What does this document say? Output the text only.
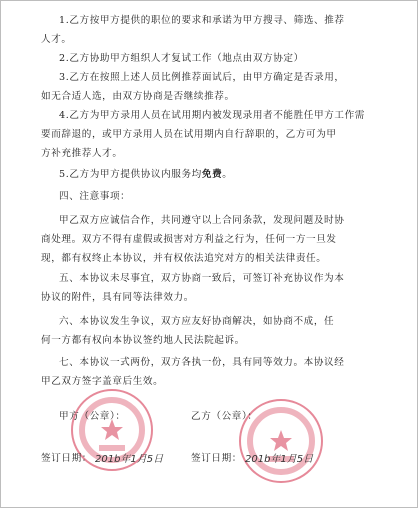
1.乙方按甲方提供的职位的要求和承诺为甲方搜寻、筛选、推荐
人才。
2.乙方协助甲方组织人才复试工作（地点由双方协定）
3.乙方在按照上述人员比例推荐面试后，由甲方确定是否录用，
如无合适人选，由双方协商是否继续推荐。
4.乙方为甲方录用人员在试用期内被发现录用者不能胜任甲方工作需
要而辞退的，或甲方录用人员在试用期内自行辞职的，乙方可为甲
方补充推荐人才。
5.乙方为甲方提供协议内服务均免费。
四、注意事项：
甲乙双方应诚信合作，共同遵守以上合同条款，发现问题及时协
商处理。双方不得有虚假或损害对方利益之行为，任何一方一旦发
现，都有权终止本协议，并有权依法追究对方的相关法律责任。
五、本协议未尽事宜，双方协商一致后，可签订补充协议作为本
协议的附件，具有同等法律效力。
六、本协议发生争议，双方应友好协商解决，如协商不成，任
何一方都有权向本协议签约地人民法院起诉。
七、本协议一式两份，双方各执一份，具有同等效力。本协议经
甲乙双方签字盖章后生效。
甲方（公章）：	乙方（公章）：
签订日期： 201b年1月5日	签订日期： 201b年1月5日
